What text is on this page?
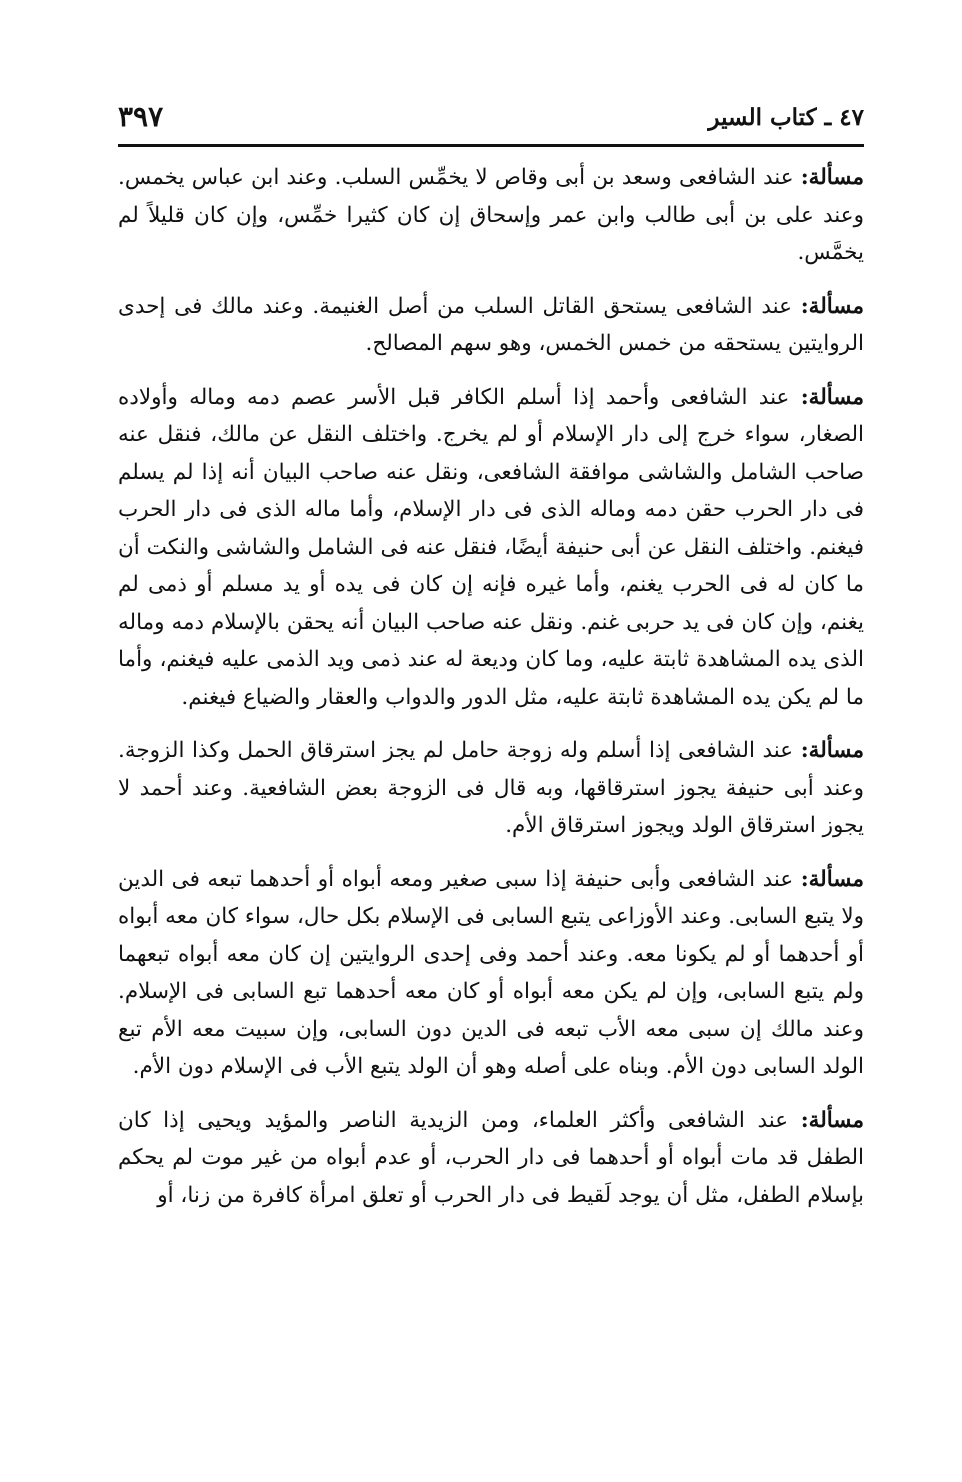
٤٧ ـ كتاب السير
٣٩٧

مسألة: عند الشافعى وسعد بن أبى وقاص لا يخمِّس السلب. وعند ابن عباس يخمس. وعند على بن أبى طالب وابن عمر وإسحاق إن كان كثيرا خمِّس، وإن كان قليلاً لم يخمَّس.

مسألة: عند الشافعى يستحق القاتل السلب من أصل الغنيمة. وعند مالك فى إحدى الروايتين يستحقه من خمس الخمس، وهو سهم المصالح.

مسألة: عند الشافعى وأحمد إذا أسلم الكافر قبل الأسر عصم دمه وماله وأولاده الصغار، سواء خرج إلى دار الإسلام أو لم يخرج. واختلف النقل عن مالك، فنقل عنه صاحب الشامل والشاشى موافقة الشافعى، ونقل عنه صاحب البيان أنه إذا لم يسلم فى دار الحرب حقن دمه وماله الذى فى دار الإسلام، وأما ماله الذى فى دار الحرب فيغنم. واختلف النقل عن أبى حنيفة أيضًا، فنقل عنه فى الشامل والشاشى والنكت أن ما كان له فى الحرب يغنم، وأما غيره فإنه إن كان فى يده أو يد مسلم أو ذمى لم يغنم، وإن كان فى يد حربى غنم. ونقل عنه صاحب البيان أنه يحقن بالإسلام دمه وماله الذى يده المشاهدة ثابتة عليه، وما كان وديعة له عند ذمى ويد الذمى عليه فيغنم، وأما ما لم يكن يده المشاهدة ثابتة عليه، مثل الدور والدواب والعقار والضياع فيغنم.

مسألة: عند الشافعى إذا أسلم وله زوجة حامل لم يجز استرقاق الحمل وكذا الزوجة. وعند أبى حنيفة يجوز استرقاقها، وبه قال فى الزوجة بعض الشافعية. وعند أحمد لا يجوز استرقاق الولد ويجوز استرقاق الأم.

مسألة: عند الشافعى وأبى حنيفة إذا سبى صغير ومعه أبواه أو أحدهما تبعه فى الدين ولا يتبع السابى. وعند الأوزاعى يتبع السابى فى الإسلام بكل حال، سواء كان معه أبواه أو أحدهما أو لم يكونا معه. وعند أحمد وفى إحدى الروايتين إن كان معه أبواه تبعهما ولم يتبع السابى، وإن لم يكن معه أبواه أو كان معه أحدهما تبع السابى فى الإسلام. وعند مالك إن سبى معه الأب تبعه فى الدين دون السابى، وإن سبيت معه الأم تبع الولد السابى دون الأم. وبناه على أصله وهو أن الولد يتبع الأب فى الإسلام دون الأم.

مسألة: عند الشافعى وأكثر العلماء، ومن الزيدية الناصر والمؤيد ويحيى إذا كان الطفل قد مات أبواه أو أحدهما فى دار الحرب، أو عدم أبواه من غير موت لم يحكم بإسلام الطفل، مثل أن يوجد لَقيط فى دار الحرب أو تعلق امرأة كافرة من زنا، أو
